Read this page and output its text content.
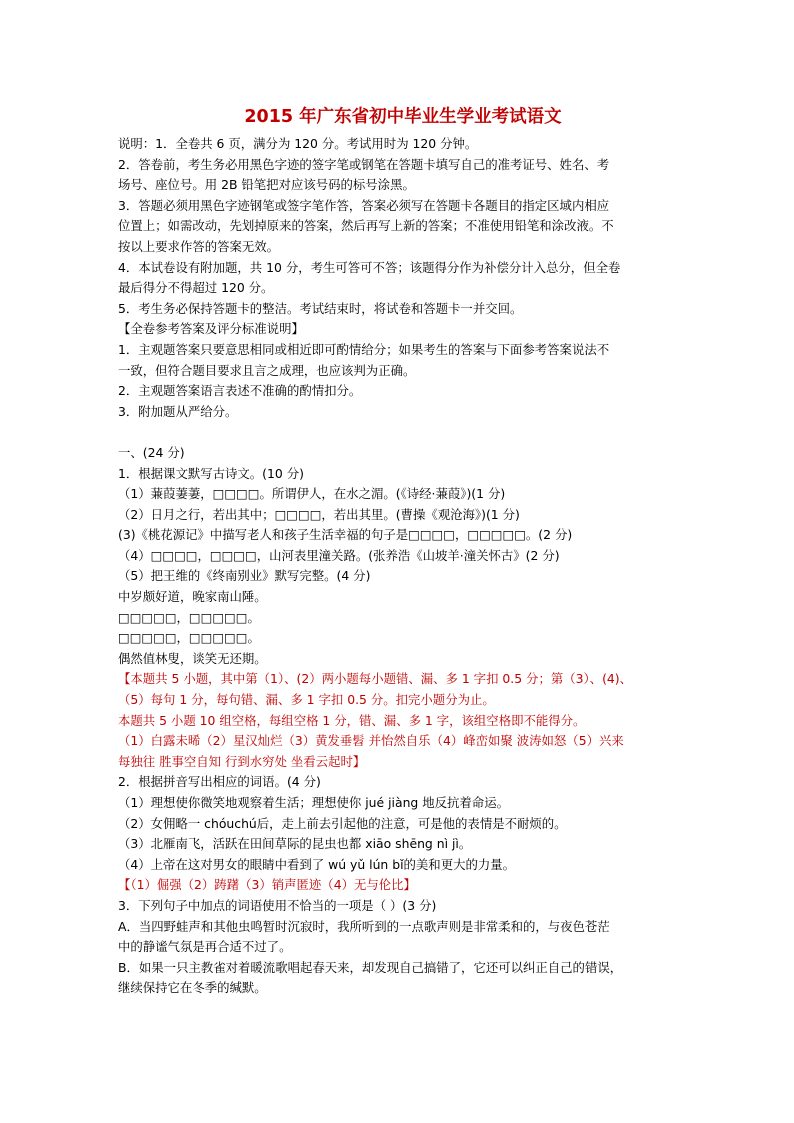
2015 年广东省初中毕业生学业考试语文
说明：1．全卷共 6 页，满分为 120 分。考试用时为 120 分钟。
2．答卷前，考生务必用黑色字迹的签字笔或钢笔在答题卡填写自己的准考证号、姓名、考
场号、座位号。用 2B 铅笔把对应该号码的标号涂黑。
3．答题必须用黑色字迹钢笔或签字笔作答，答案必须写在答题卡各题目的指定区域内相应
位置上；如需改动，先划掉原来的答案，然后再写上新的答案；不准使用铅笔和涂改液。不
按以上要求作答的答案无效。
4．本试卷设有附加题，共 10 分，考生可答可不答；该题得分作为补偿分计入总分，但全卷
最后得分不得超过 120 分。
5．考生务必保持答题卡的整洁。考试结束时，将试卷和答题卡一并交回。
【全卷参考答案及评分标准说明】
1．主观题答案只要意思相同或相近即可酌情给分；如果考生的答案与下面参考答案说法不
一致，但符合题目要求且言之成理，也应该判为正确。
2．主观题答案语言表述不准确的酌情扣分。
3．附加题从严给分。
一、(24 分)
1．根据课文默写古诗文。(10 分)
（1）蒹葭萋萋，□□□□。所谓伊人，在水之湄。(《诗经·蒹葭》)(1 分)
（2）日月之行，若出其中；□□□□，若出其里。(曹操《观沧海》)(1 分)
(3)《桃花源记》中描写老人和孩子生活幸福的句子是□□□□，□□□□□。(2 分)
（4）□□□□，□□□□，山河表里潼关路。(张养浩《山坡羊·潼关怀古》(2 分)
（5）把王维的《终南别业》默写完整。(4 分)
中岁颇好道，晚家南山陲。
□□□□□，□□□□□。
□□□□□，□□□□□。
偶然值林叟，谈笑无还期。
【本题共 5 小题，其中第（1）、(2）两小题每小题错、漏、多 1 字扣 0.5 分；第（3）、(4)、
（5）每句 1 分，每句错、漏、多 1 字扣 0.5 分。扣完小题分为止。
本题共 5 小题 10 组空格，每组空格 1 分，错、漏、多 1 字，该组空格即不能得分。
（1）白露未晞（2）星汉灿烂（3）黄发垂髫 并怡然自乐（4）峰峦如聚 波涛如怒（5）兴来
每独往 胜事空自知 行到水穷处 坐看云起时】
2．根据拼音写出相应的词语。(4 分)
（1）理想使你微笑地观察着生活；理想使你 jué jiàng 地反抗着命运。
（2）女佣略一 chóuchú后，走上前去引起他的注意，可是他的表情是不耐烦的。
（3）北雁南飞，活跃在田间草际的昆虫也都 xiāo shēng nì jì。
（4）上帝在这对男女的眼睛中看到了 wú yǔ lún bǐ的美和更大的力量。
【（1）倔强（2）踌躇（3）销声匿迹（4）无与伦比】
3．下列句子中加点的词语使用不恰当的一项是（ ）(3 分)
A．当四野蛙声和其他虫鸣暂时沉寂时，我所听到的一点歌声则是非常柔和的，与夜色苍茫
中的静谧气氛是再合适不过了。
B．如果一只主教雀对着暖流歌唱起春天来，却发现自己搞错了，它还可以纠正自己的错误，
继续保持它在冬季的缄默。
